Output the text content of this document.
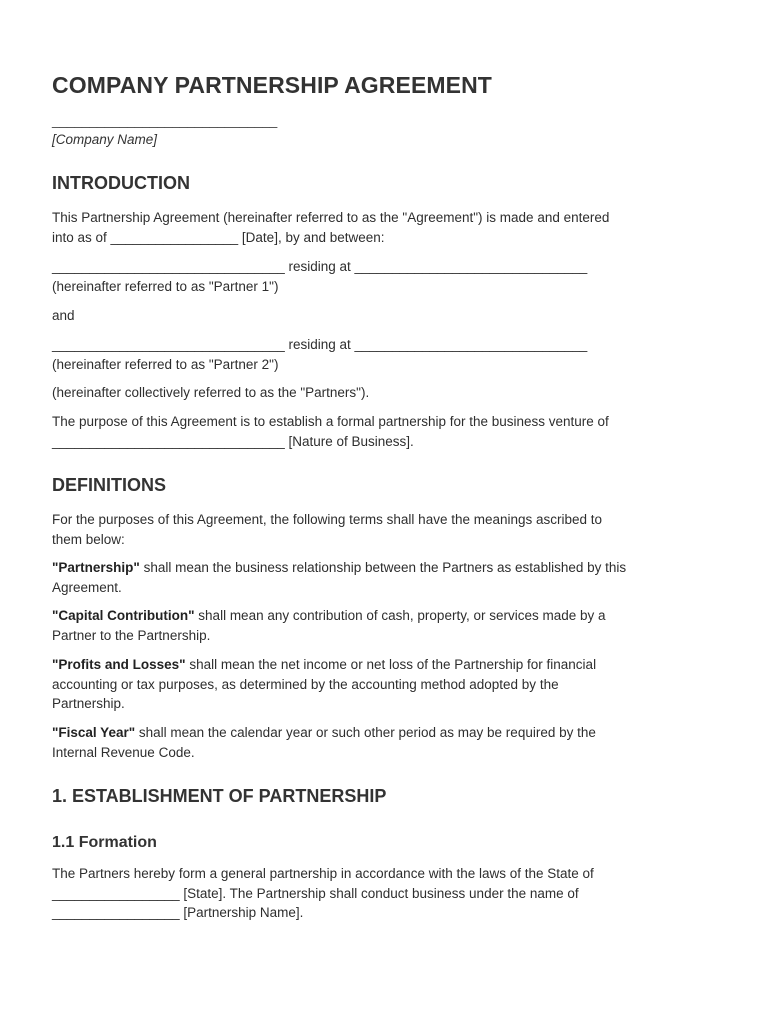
COMPANY PARTNERSHIP AGREEMENT
______________________________
[Company Name]
INTRODUCTION

This Partnership Agreement (hereinafter referred to as the "Agreement") is made and entered
into as of _________________ [Date], by and between:

_______________________________ residing at _______________________________
(hereinafter referred to as "Partner 1")

and

_______________________________ residing at _______________________________
(hereinafter referred to as "Partner 2")

(hereinafter collectively referred to as the "Partners").

The purpose of this Agreement is to establish a formal partnership for the business venture of
_______________________________ [Nature of Business].

DEFINITIONS

For the purposes of this Agreement, the following terms shall have the meanings ascribed to
them below:

"Partnership" shall mean the business relationship between the Partners as established by this
Agreement.

"Capital Contribution" shall mean any contribution of cash, property, or services made by a
Partner to the Partnership.

"Profits and Losses" shall mean the net income or net loss of the Partnership for financial
accounting or tax purposes, as determined by the accounting method adopted by the
Partnership.

"Fiscal Year" shall mean the calendar year or such other period as may be required by the
Internal Revenue Code.

1. ESTABLISHMENT OF PARTNERSHIP
1.1 Formation

The Partners hereby form a general partnership in accordance with the laws of the State of
_________________ [State]. The Partnership shall conduct business under the name of
_________________ [Partnership Name].
